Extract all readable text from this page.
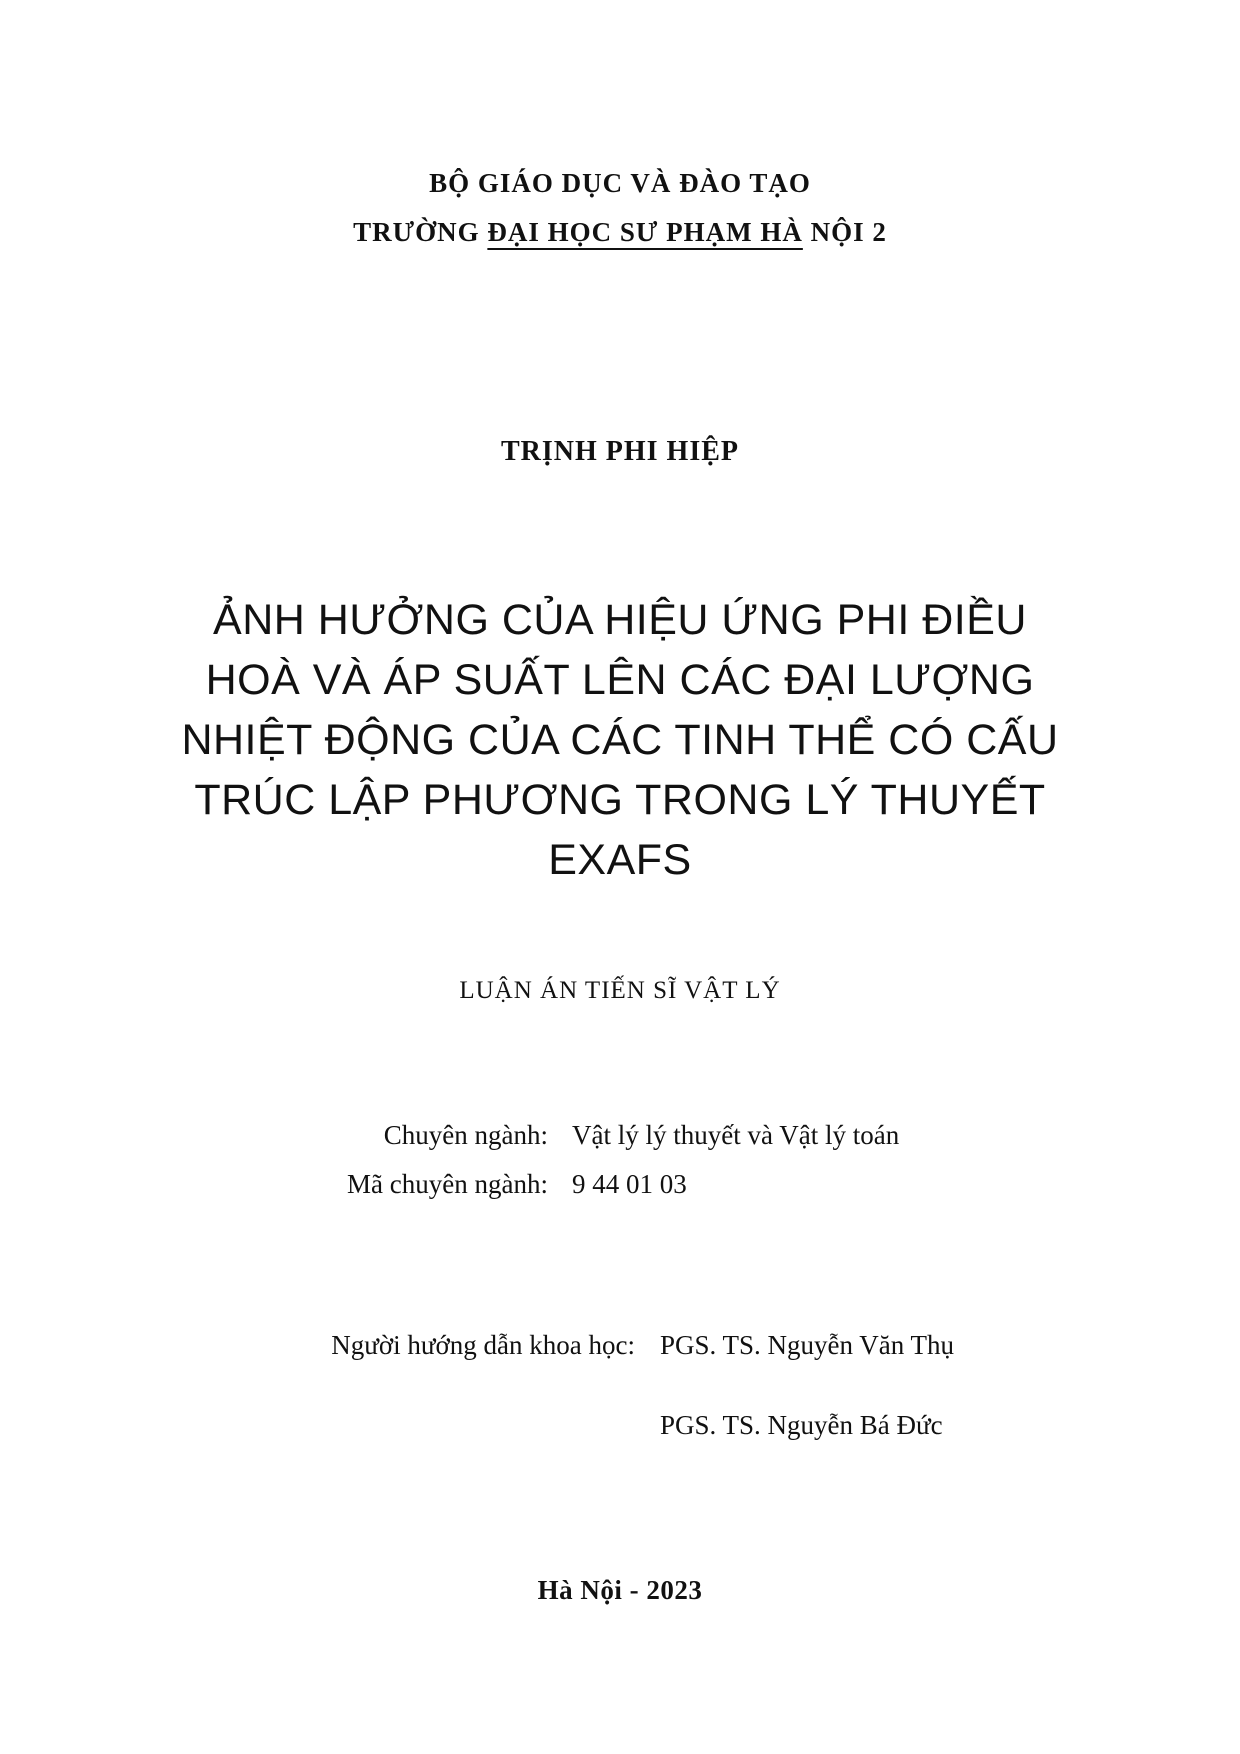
BỘ GIÁO DỤC VÀ ĐÀO TẠO
TRƯỜNG ĐẠI HỌC SƯ PHẠM HÀ NỘI 2
TRỊNH PHI HIỆP
ẢNH HƯỞNG CỦA HIỆU ỨNG PHI ĐIỀU
HOÀ VÀ ÁP SUẤT LÊN CÁC ĐẠI LƯỢNG
NHIỆT ĐỘNG CỦA CÁC TINH THỂ CÓ CẤU
TRÚC LẬP PHƯƠNG TRONG LÝ THUYẾT
EXAFS
LUẬN ÁN TIẾN SĨ VẬT LÝ
Chuyên ngành: Vật lý lý thuyết và Vật lý toán
Mã chuyên ngành: 9 44 01 03
Người hướng dẫn khoa học: PGS. TS. Nguyễn Văn Thụ
PGS. TS. Nguyễn Bá Đức
Hà Nội - 2023
